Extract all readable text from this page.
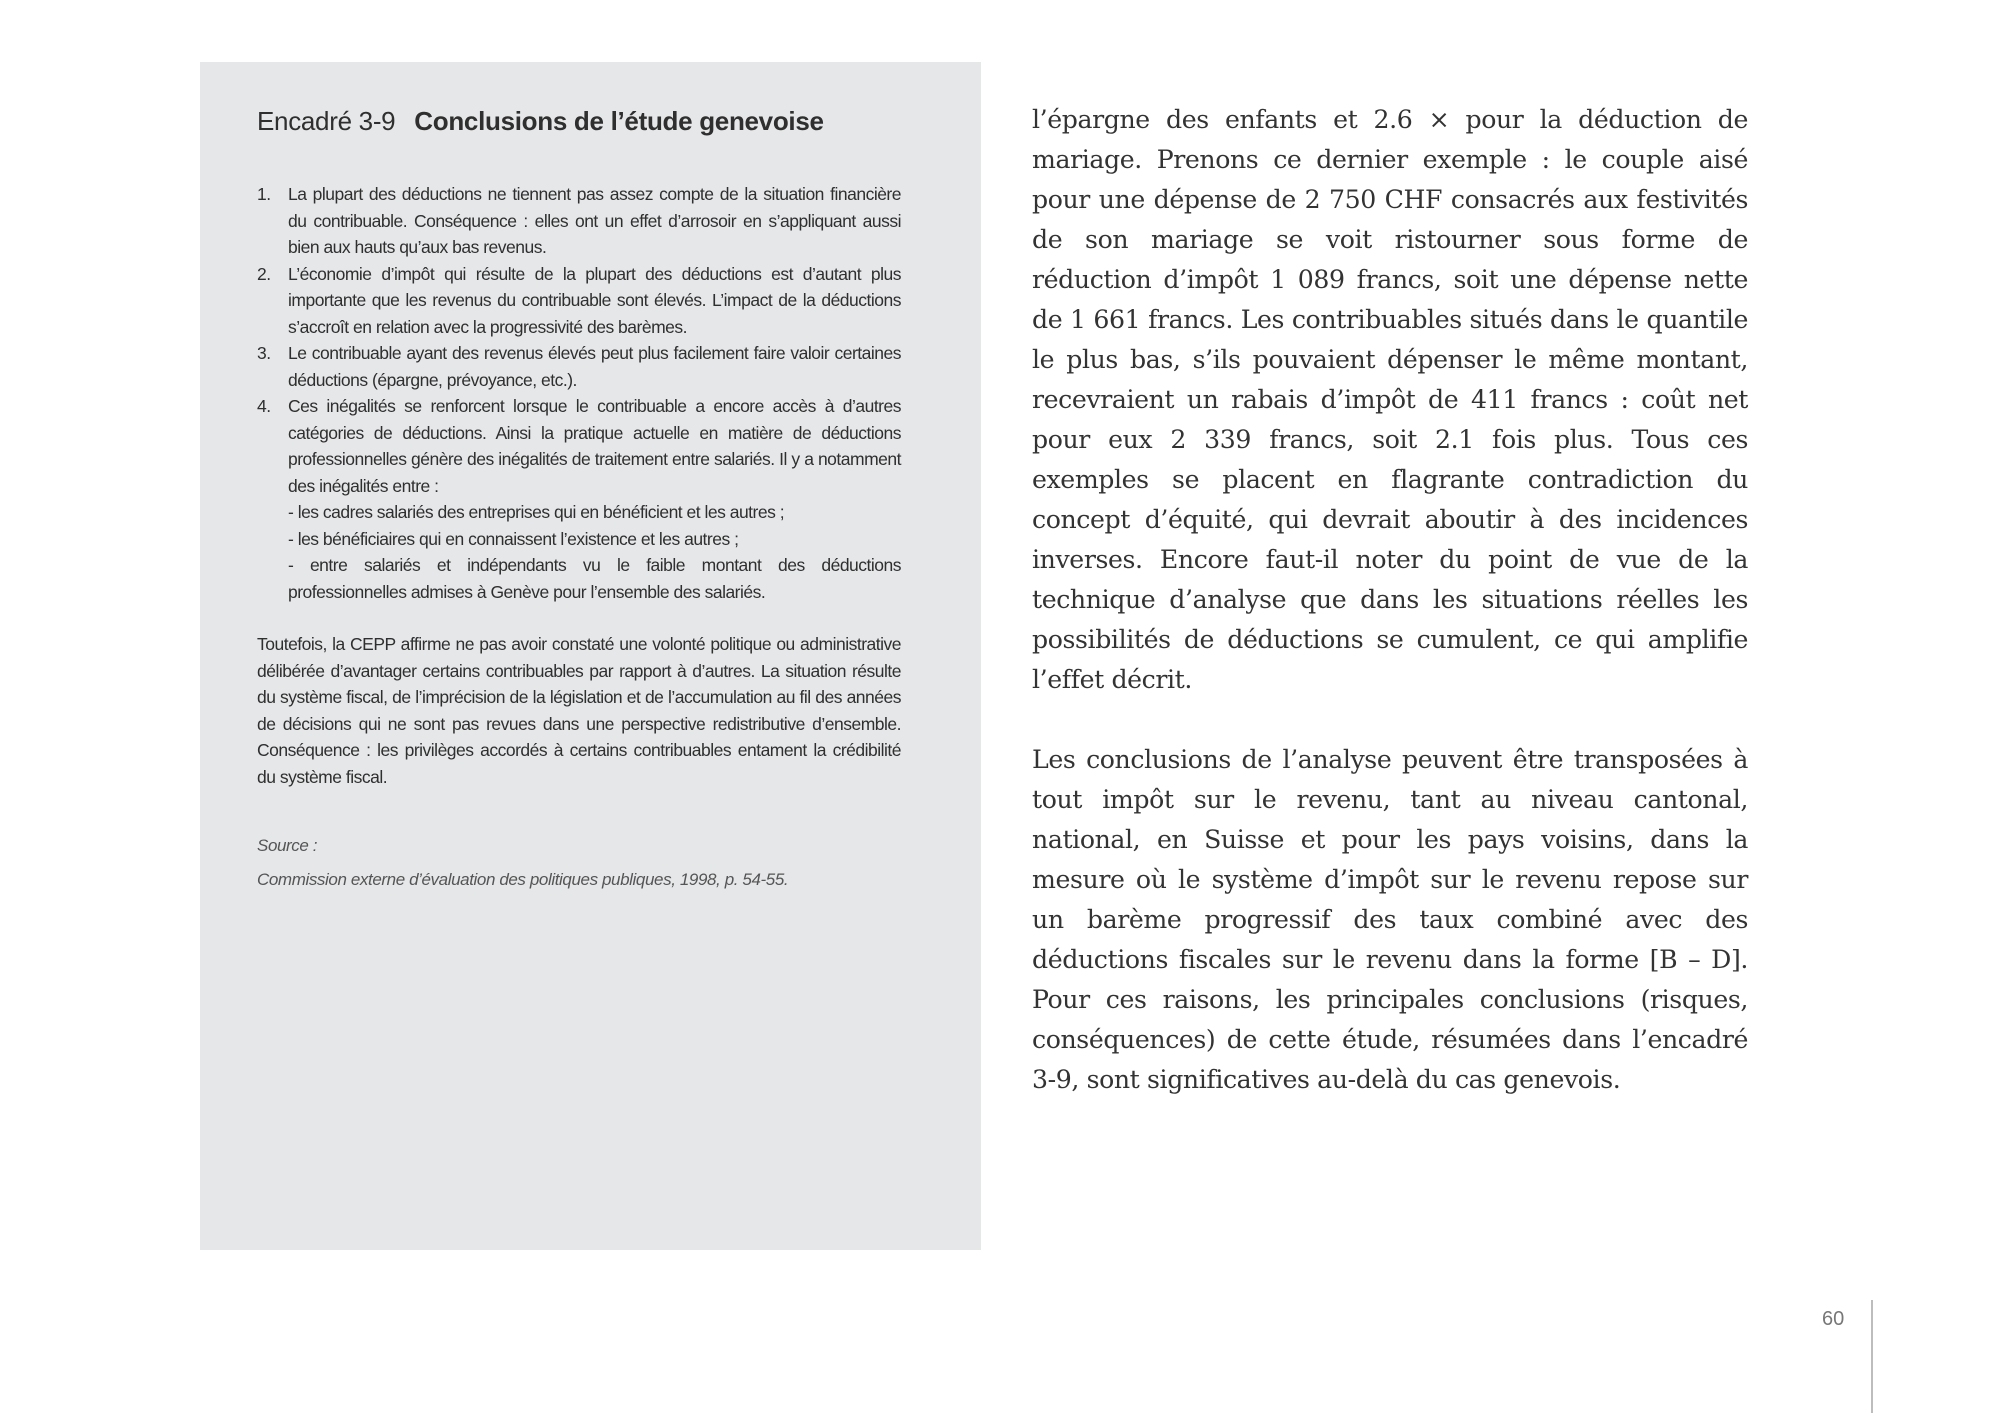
Encadré 3-9 Conclusions de l’étude genevoise
1. La plupart des déductions ne tiennent pas assez compte de la situation financière du contribuable. Conséquence : elles ont un effet d’arrosoir en s’appliquant aussi bien aux hauts qu’aux bas revenus.
2. L’économie d’impôt qui résulte de la plupart des déductions est d’autant plus importante que les revenus du contribuable sont élevés. L’impact de la déductions s’accroît en relation avec la progressivité des barèmes.
3. Le contribuable ayant des revenus élevés peut plus facilement faire valoir certaines déductions (épargne, prévoyance, etc.).
4. Ces inégalités se renforcent lorsque le contribuable a encore accès à d’autres catégories de déductions. Ainsi la pratique actuelle en matière de déductions professionnelles génère des inégalités de traitement entre salariés. Il y a notamment des inégalités entre :
- les cadres salariés des entreprises qui en bénéficient et les autres ;
- les bénéficiaires qui en connaissent l’existence et les autres ;
- entre salariés et indépendants vu le faible montant des déductions professionnelles admises à Genève pour l’ensemble des salariés.

Toutefois, la CEPP affirme ne pas avoir constaté une volonté politique ou administrative délibérée d’avantager certains contribuables par rapport à d’autres. La situation résulte du système fiscal, de l’imprécision de la législation et de l’accumulation au fil des années de décisions qui ne sont pas revues dans une perspective redistributive d’ensemble. Conséquence : les privilèges accordés à certains contribuables entament la crédibilité du système fiscal.

Source :

Commission externe d’évaluation des politiques publiques, 1998, p. 54-55.

l’épargne des enfants et 2.6 × pour la déduction de mariage. Prenons ce dernier exemple : le couple aisé pour une dépense de 2 750 CHF consacrés aux festivités de son mariage se voit ristourner sous forme de réduction d’impôt 1 089 francs, soit une dépense nette de 1 661 francs. Les contribuables situés dans le quantile le plus bas, s’ils pouvaient dépenser le même montant, recevraient un rabais d’impôt de 411 francs : coût net pour eux 2 339 francs, soit 2.1 fois plus. Tous ces exemples se placent en flagrante contradiction du concept d’équité, qui devrait aboutir à des incidences inverses. Encore faut-il noter du point de vue de la technique d’analyse que dans les situations réelles les possibilités de déductions se cumulent, ce qui amplifie l’effet décrit.

Les conclusions de l’analyse peuvent être transposées à tout impôt sur le revenu, tant au niveau cantonal, national, en Suisse et pour les pays voisins, dans la mesure où le système d’impôt sur le revenu repose sur un barème progressif des taux combiné avec des déductions fiscales sur le revenu dans la forme [B – D]. Pour ces raisons, les principales conclusions (risques, conséquences) de cette étude, résumées dans l’encadré 3-9, sont significatives au-delà du cas genevois.

60
